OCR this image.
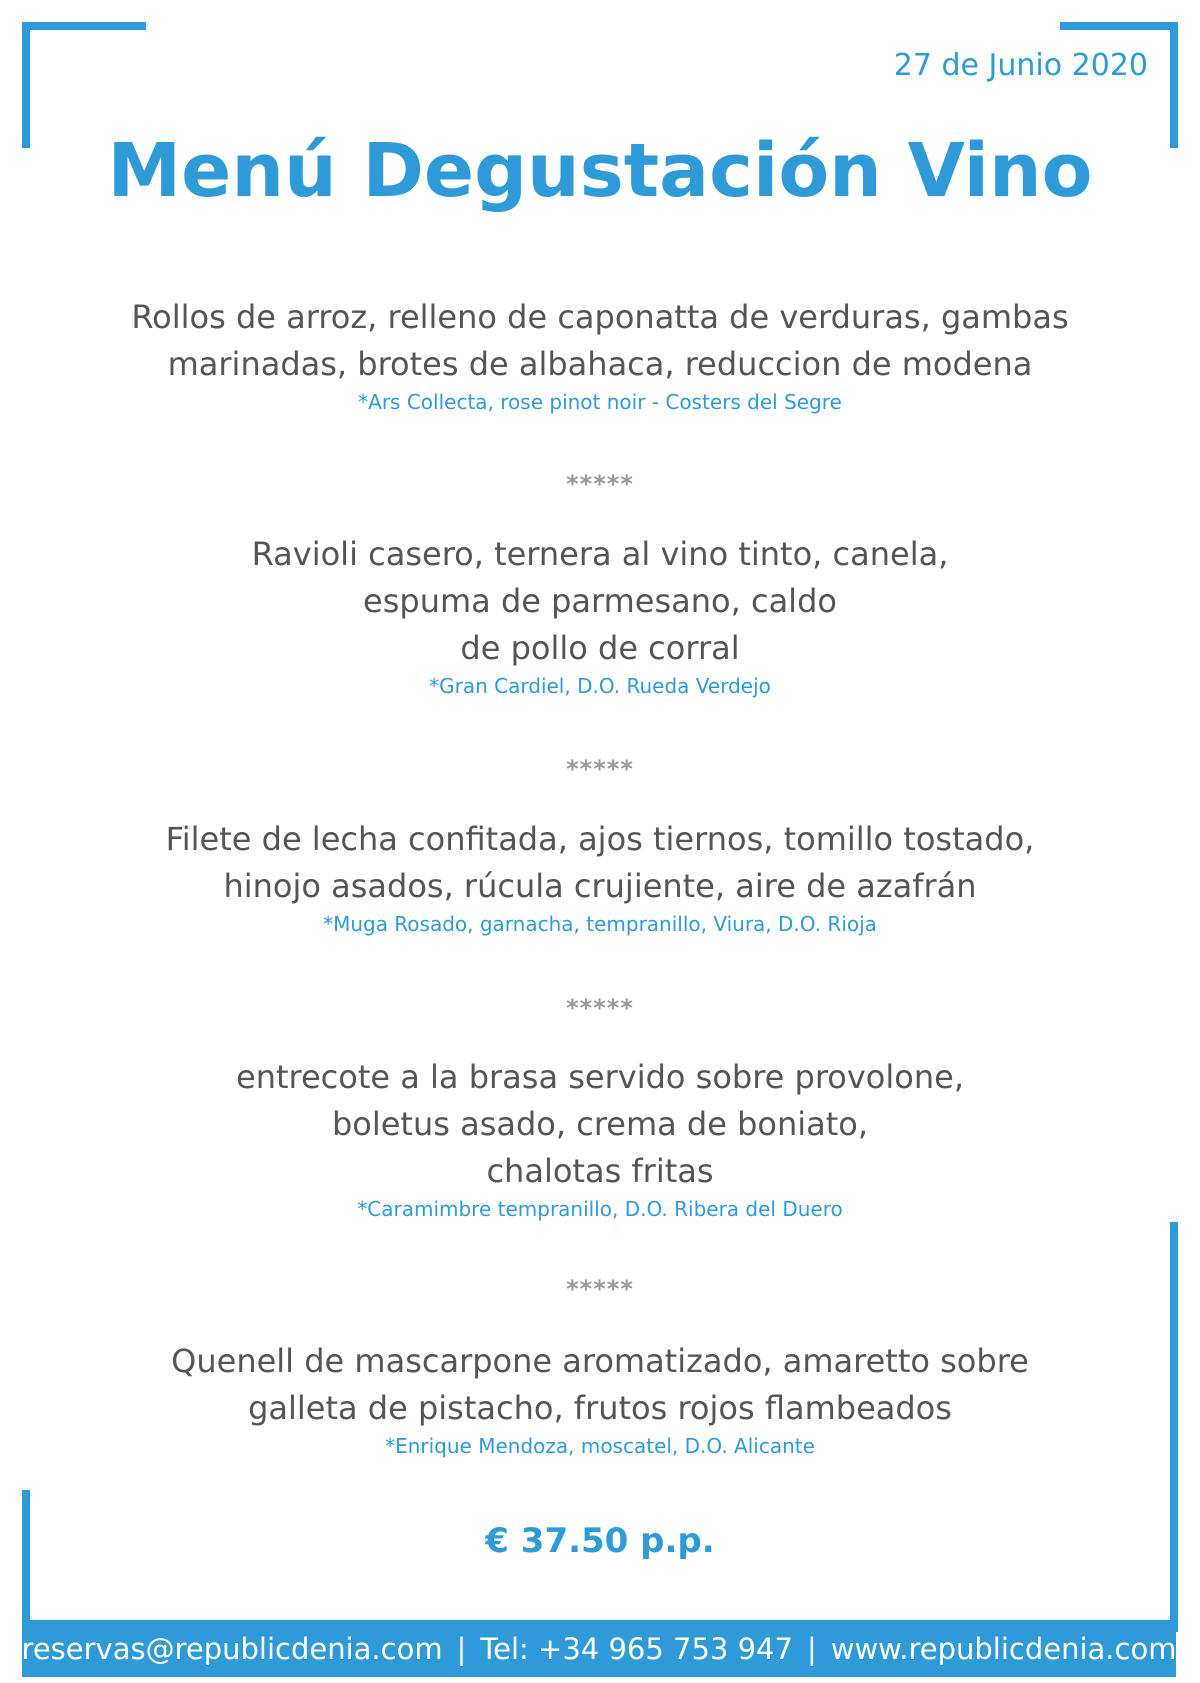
27 de Junio 2020
Menú Degustación Vino
Rollos de arroz, relleno de caponatta de verduras, gambas
marinadas, brotes de albahaca, reduccion de modena
*Ars Collecta, rose pinot noir - Costers del Segre
*****
Ravioli casero, ternera al vino tinto, canela,
espuma de parmesano, caldo
de pollo de corral
*Gran Cardiel, D.O. Rueda Verdejo
*****
Filete de lecha confitada, ajos tiernos, tomillo tostado,
hinojo asados, rúcula crujiente, aire de azafrán
*Muga Rosado, garnacha, tempranillo, Viura, D.O. Rioja
*****
entrecote a la brasa servido sobre provolone,
boletus asado, crema de boniato,
chalotas fritas
*Caramimbre tempranillo, D.O. Ribera del Duero
*****
Quenell de mascarpone aromatizado, amaretto sobre
galleta de pistacho, frutos rojos flambeados
*Enrique Mendoza, moscatel, D.O. Alicante
€ 37.50 p.p.
reservas@republicdenia.com | Tel: +34 965 753 947 | www.republicdenia.com
